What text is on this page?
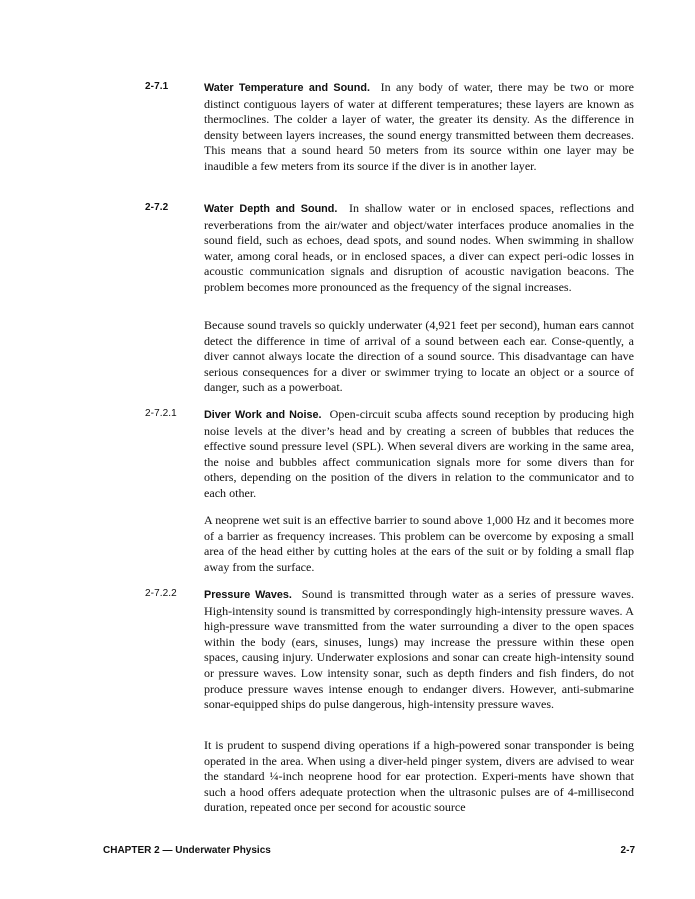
2-7.1	Water Temperature and Sound. In any body of water, there may be two or more distinct contiguous layers of water at different temperatures; these layers are known as thermoclines. The colder a layer of water, the greater its density. As the difference in density between layers increases, the sound energy transmitted between them decreases. This means that a sound heard 50 meters from its source within one layer may be inaudible a few meters from its source if the diver is in another layer.

2-7.2	Water Depth and Sound. In shallow water or in enclosed spaces, reflections and reverberations from the air/water and object/water interfaces produce anomalies in the sound field, such as echoes, dead spots, and sound nodes. When swimming in shallow water, among coral heads, or in enclosed spaces, a diver can expect peri-odic losses in acoustic communication signals and disruption of acoustic navigation beacons. The problem becomes more pronounced as the frequency of the signal increases.

Because sound travels so quickly underwater (4,921 feet per second), human ears cannot detect the difference in time of arrival of a sound between each ear. Conse-quently, a diver cannot always locate the direction of a sound source. This disadvantage can have serious consequences for a diver or swimmer trying to locate an object or a source of danger, such as a powerboat.

2-7.2.1	Diver Work and Noise. Open-circuit scuba affects sound reception by producing high noise levels at the diver’s head and by creating a screen of bubbles that reduces the effective sound pressure level (SPL). When several divers are working in the same area, the noise and bubbles affect communication signals more for some divers than for others, depending on the position of the divers in relation to the communicator and to each other.

A neoprene wet suit is an effective barrier to sound above 1,000 Hz and it becomes more of a barrier as frequency increases. This problem can be overcome by exposing a small area of the head either by cutting holes at the ears of the suit or by folding a small flap away from the surface.

2-7.2.2	Pressure Waves. Sound is transmitted through water as a series of pressure waves. High-intensity sound is transmitted by correspondingly high-intensity pressure waves. A high-pressure wave transmitted from the water surrounding a diver to the open spaces within the body (ears, sinuses, lungs) may increase the pressure within these open spaces, causing injury. Underwater explosions and sonar can create high-intensity sound or pressure waves. Low intensity sonar, such as depth finders and fish finders, do not produce pressure waves intense enough to endanger divers. However, anti-submarine sonar-equipped ships do pulse dangerous, high-intensity pressure waves.

It is prudent to suspend diving operations if a high-powered sonar transponder is being operated in the area. When using a diver-held pinger system, divers are advised to wear the standard ¼-inch neoprene hood for ear protection. Experi-ments have shown that such a hood offers adequate protection when the ultrasonic pulses are of 4-millisecond duration, repeated once per second for acoustic source

CHAPTER 2 — Underwater Physics	2-7
